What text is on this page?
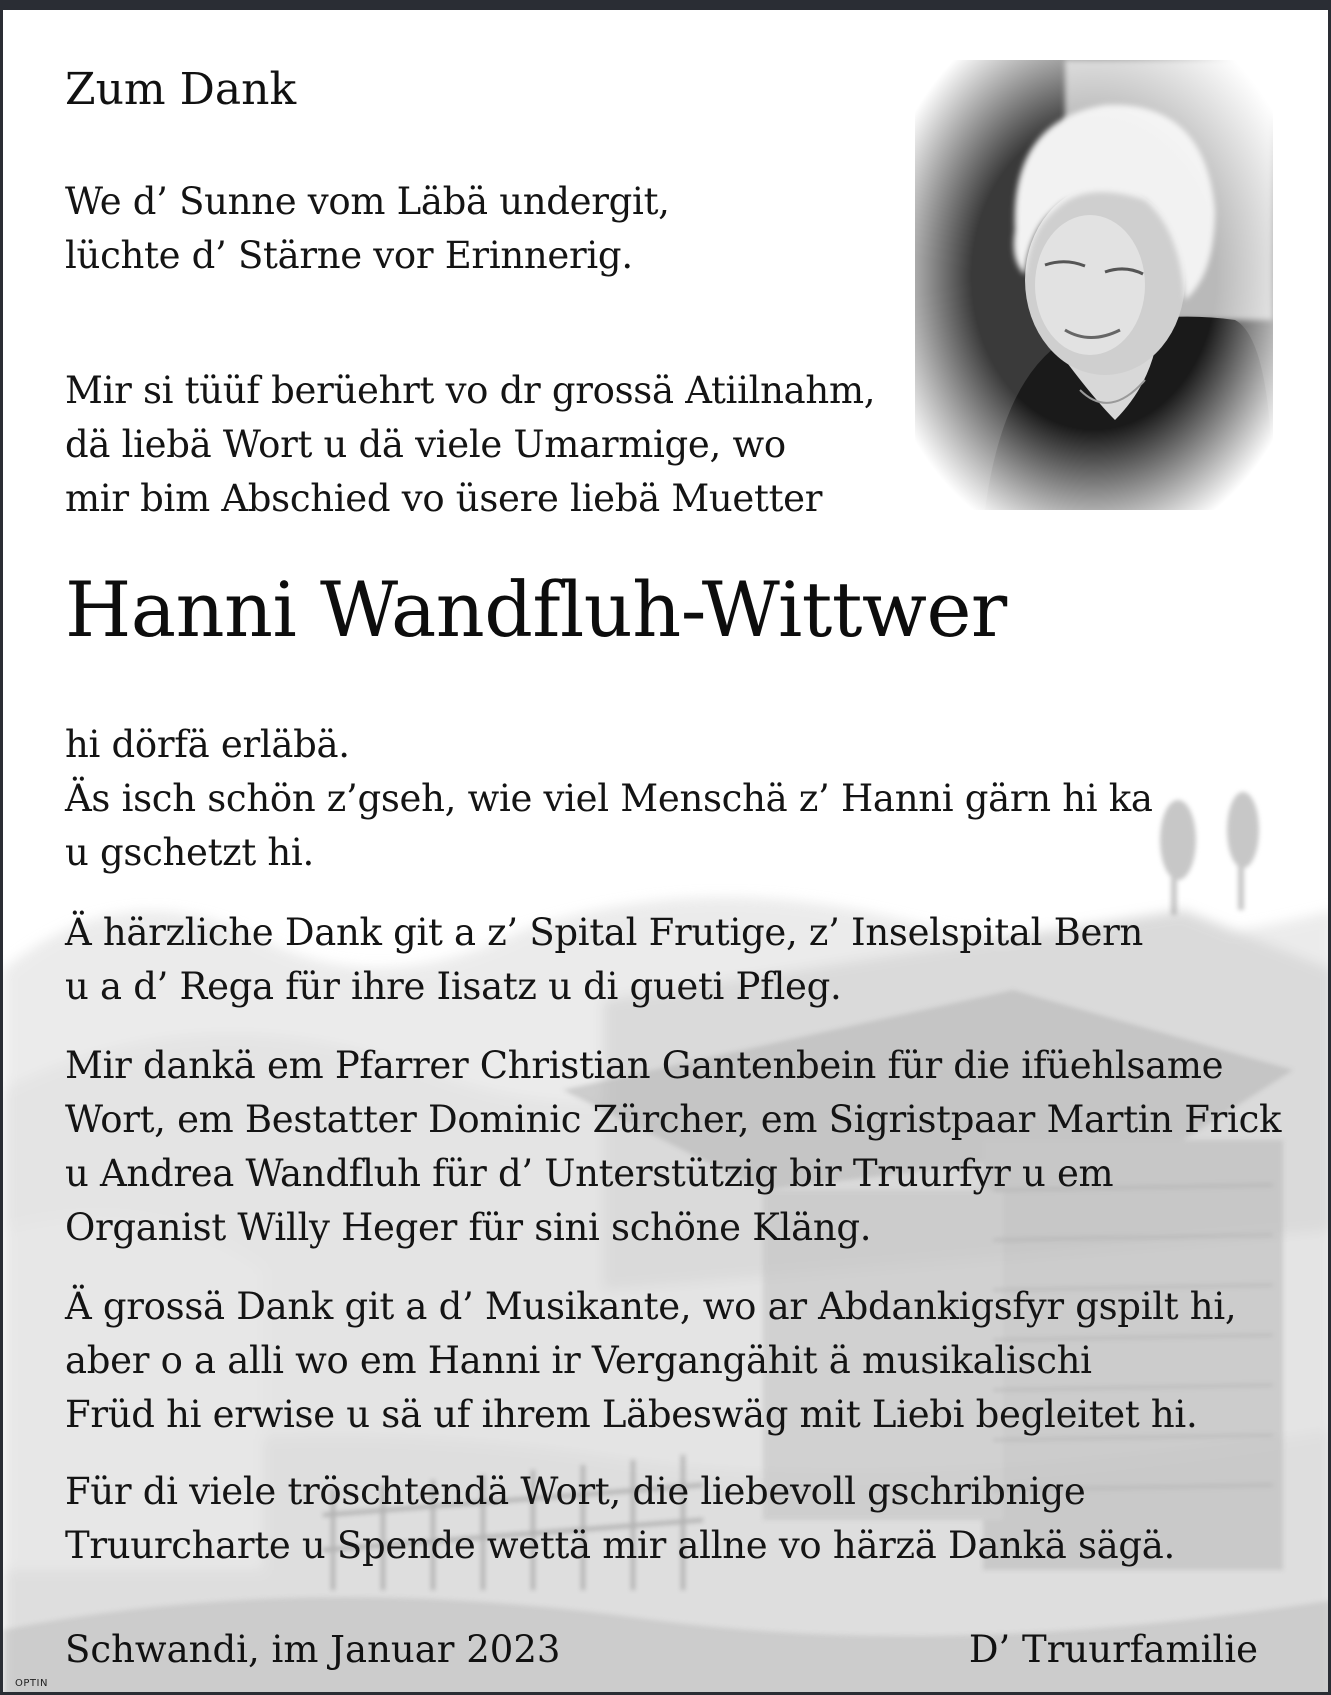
Zum Dank

We d’ Sunne vom Läbä undergit,
lüchte d’ Stärne vor Erinnerig.

Mir si tüüf berüehrt vo dr grossä Atiilnahm,
dä liebä Wort u dä viele Umarmige, wo
mir bim Abschied vo üsere liebä Muetter

Hanni Wandfluh-Wittwer

hi dörfä erläbä.
Äs isch schön z’gseh, wie viel Menschä z’ Hanni gärn hi ka
u gschetzt hi.

Ä härzliche Dank git a z’ Spital Frutige, z’ Inselspital Bern
u a d’ Rega für ihre Iisatz u di gueti Pfleg.

Mir dankä em Pfarrer Christian Gantenbein für die ifüehlsame
Wort, em Bestatter Dominic Zürcher, em Sigristpaar Martin Frick
u Andrea Wandfluh für d’ Unterstützig bir Truurfyr u em
Organist Willy Heger für sini schöne Kläng.

Ä grossä Dank git a d’ Musikante, wo ar Abdankigsfyr gspilt hi,
aber o a alli wo em Hanni ir Vergangähit ä musikalischi
Früd hi erwise u sä uf ihrem Läbeswäg mit Liebi begleitet hi.

Für di viele tröschtendä Wort, die liebevoll gschribnige
Truurcharte u Spende wettä mir allne vo härzä Dankä sägä.

Schwandi, im Januar 2023	D’ Truurfamilie

OPTIN
